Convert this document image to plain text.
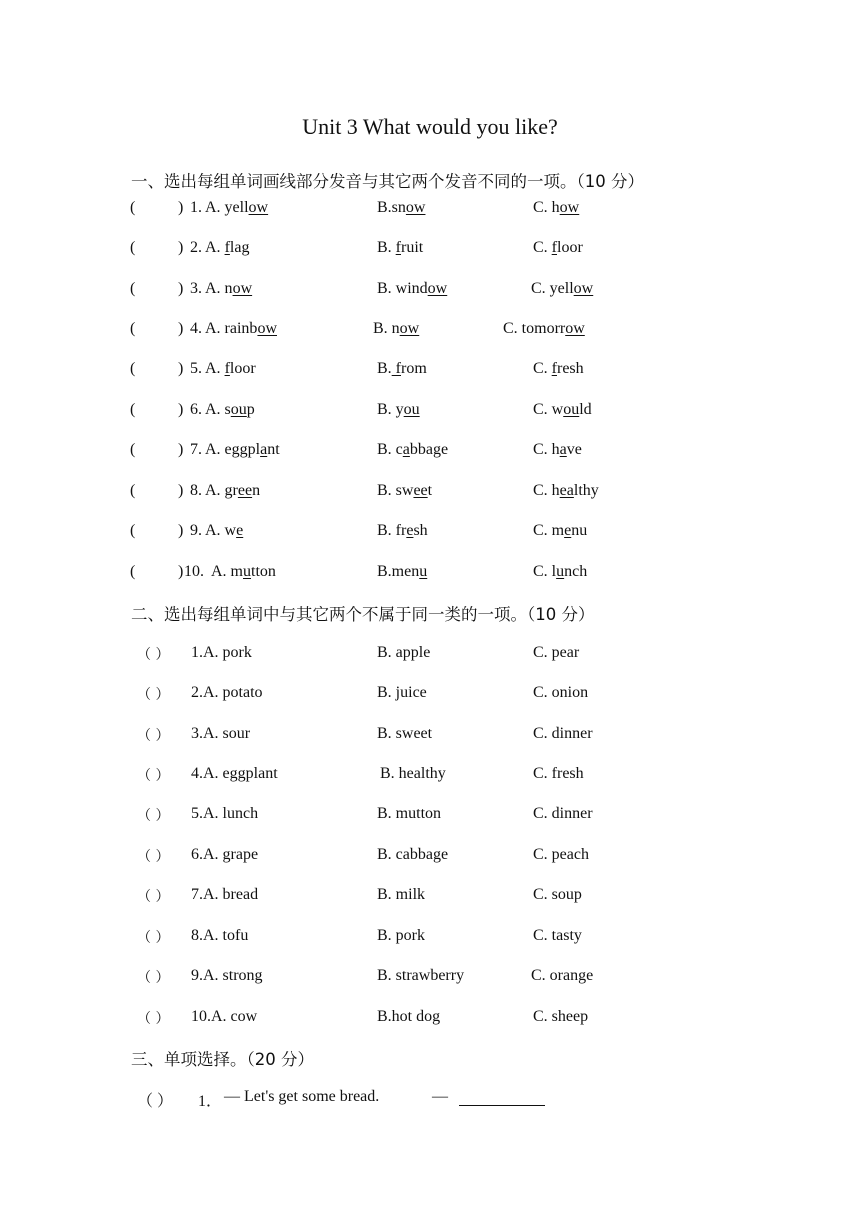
Unit 3 What would you like?
一、选出每组单词画线部分发音与其它两个发音不同的一项。（10 分）
(	) 1. A. yellow	B.snow	C. how
(	) 2. A. flag	B. fruit	C. floor
(	) 3. A. now	B. window	C. yellow
(	) 4. A. rainbow	B. now	C. tomorrow
(	) 5. A. floor	B. from	C. fresh
(	) 6. A. soup	B. you	C. would
(	) 7. A. eggplant	B. cabbage	C. have
(	) 8. A. green	B. sweet	C. healthy
(	) 9. A. we	B. fresh	C. menu
(	) 10. A. mutton	B.menu	C. lunch
二、选出每组单词中与其它两个不属于同一类的一项。（10 分）
（ ） 1.A. pork	B. apple	C. pear
（ ） 2.A. potato	B. juice	C. onion
（ ） 3.A. sour	B. sweet	C. dinner
（ ） 4.A. eggplant	B. healthy	C. fresh
（ ） 5.A. lunch	B. mutton	C. dinner
（ ） 6.A. grape	B. cabbage	C. peach
（ ） 7.A. bread	B. milk	C. soup
（ ） 8.A. tofu	B. pork	C. tasty
（ ） 9.A. strong	B. strawberry	C. orange
（ ） 10.A. cow	B.hot dog	C. sheep
三、单项选择。（20 分）
（ ） 1． — Let's get some bread.	—
